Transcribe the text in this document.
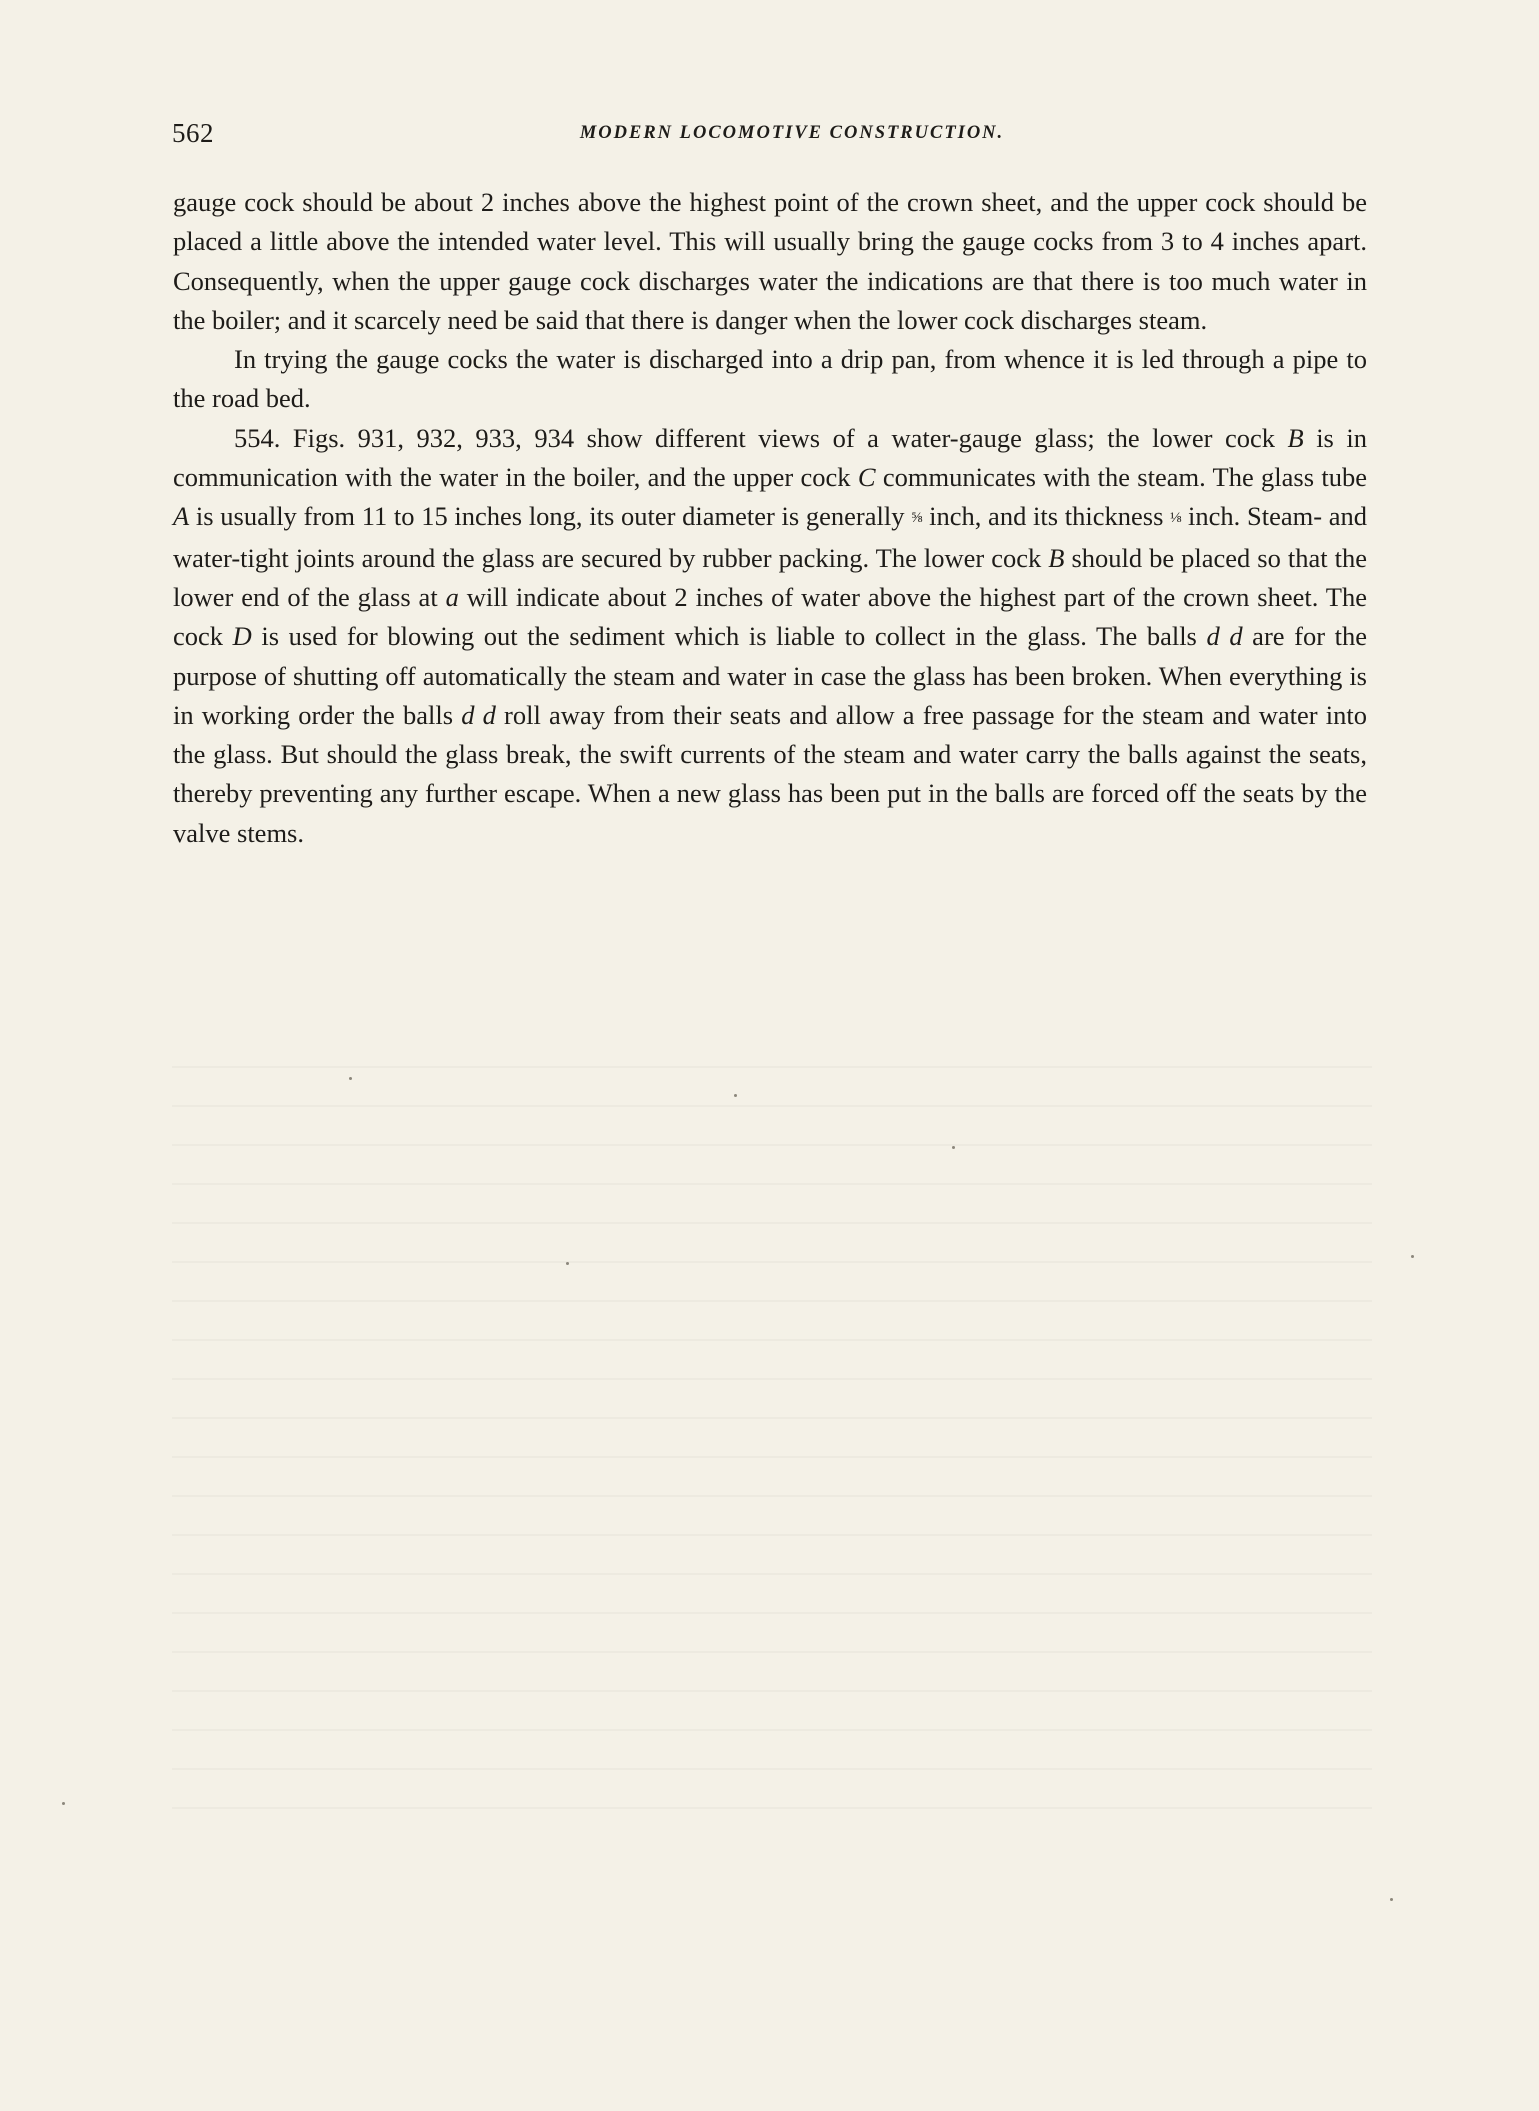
562	MODERN LOCOMOTIVE CONSTRUCTION.

gauge cock should be about 2 inches above the highest point of the crown sheet, and the upper cock should be placed a little above the intended water level. This will usually bring the gauge cocks from 3 to 4 inches apart. Consequently, when the upper gauge cock discharges water the indications are that there is too much water in the boiler; and it scarcely need be said that there is danger when the lower cock discharges steam.

In trying the gauge cocks the water is discharged into a drip pan, from whence it is led through a pipe to the road bed.

554. Figs. 931, 932, 933, 934 show different views of a water-gauge glass; the lower cock B is in communication with the water in the boiler, and the upper cock C communicates with the steam. The glass tube A is usually from 11 to 15 inches long, its outer diameter is generally ⅝ inch, and its thickness ⅛ inch. Steam- and water-tight joints around the glass are secured by rubber packing. The lower cock B should be placed so that the lower end of the glass at a will indicate about 2 inches of water above the highest part of the crown sheet. The cock D is used for blowing out the sediment which is liable to collect in the glass. The balls d d are for the purpose of shutting off automatically the steam and water in case the glass has been broken. When everything is in working order the balls d d roll away from their seats and allow a free passage for the steam and water into the glass. But should the glass break, the swift currents of the steam and water carry the balls against the seats, thereby preventing any further escape. When a new glass has been put in the balls are forced off the seats by the valve stems.
